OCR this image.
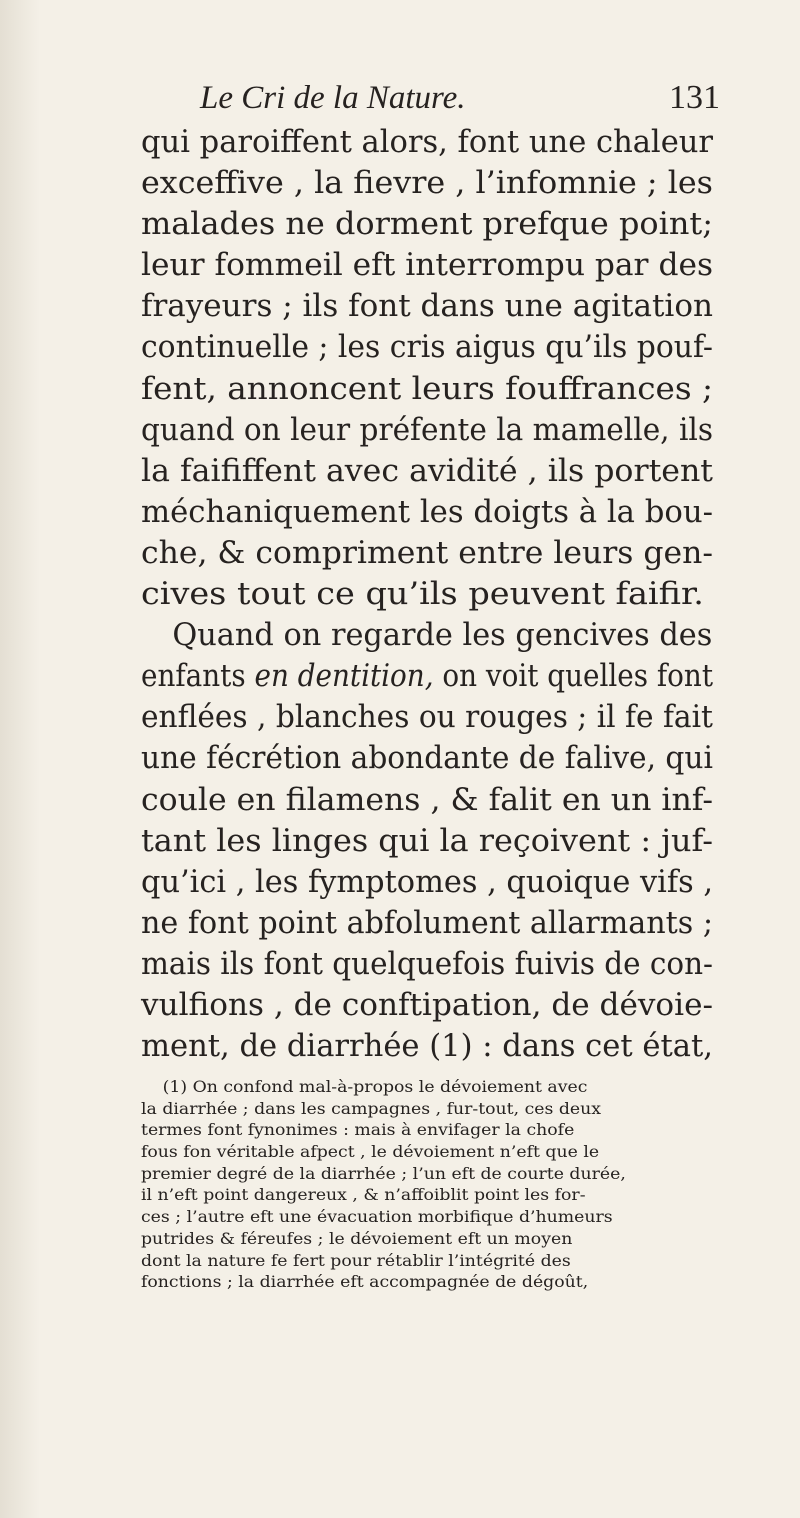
Le Cri de la Nature.	131
qui paroiffent alors, font une chaleur
exceffive , la fievre , l’infomnie ; les
malades ne dorment prefque point;
leur fommeil eft interrompu par des
frayeurs ; ils font dans une agitation
continuelle ; les cris aigus qu’ils pouf-
fent, annoncent leurs fouffrances ;
quand on leur préfente la mamelle, ils
la faififfent avec avidité , ils portent
méchaniquement les doigts à la bou-
che, & compriment entre leurs gen-
cives tout ce qu’ils peuvent faifir.
Quand on regarde les gencives des
enfants en dentition, on voit quelles font
enflées , blanches ou rouges ; il fe fait
une fécrétion abondante de falive, qui
coule en filamens , & falit en un inf-
tant les linges qui la reçoivent : juf-
qu’ici , les fymptomes , quoique vifs ,
ne font point abfolument allarmants ;
mais ils font quelquefois fuivis de con-
vulfions , de conftipation, de dévoie-
ment, de diarrhée (1) : dans cet état,
(1) On confond mal-à-propos le dévoiement avec
la diarrhée ; dans les campagnes , fur-tout, ces deux
termes font fynonimes : mais à envifager la chofe
fous fon véritable afpect , le dévoiement n’eft que le
premier degré de la diarrhée ; l’un eft de courte durée,
il n’eft point dangereux , & n’affoiblit point les for-
ces ; l’autre eft une évacuation morbifique d’humeurs
putrides & féreufes ; le dévoiement eft un moyen
dont la nature fe fert pour rétablir l’intégrité des
fonctions ; la diarrhée eft accompagnée de dégoût,
